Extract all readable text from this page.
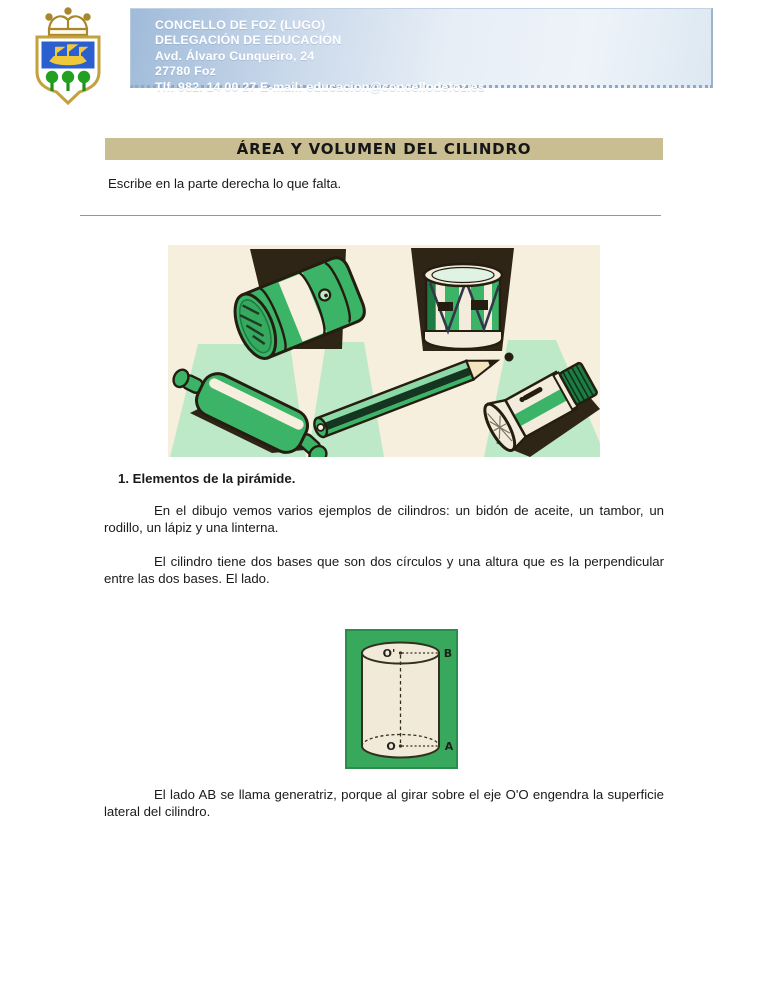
CONCELLO DE FOZ (LUGO)
DELEGACIÓN DE EDUCACIÓN
Avd. Álvaro Cunqueiro, 24
27780 Foz
Tlf. 982. 14 00 27 E-mail: educacion@concellodefoz.es
ÁREA Y VOLUMEN DEL CILINDRO
Escribe en la parte derecha lo que falta.
1. Elementos de la pirámide.
En el dibujo vemos varios ejemplos de cilindros: un bidón de aceite, un tambor, un rodillo, un lápiz y una linterna.
El cilindro tiene dos bases que son dos círculos y una altura que es la perpendicular entre las dos bases. El lado.
O'	B
O	A
El lado AB se llama generatriz, porque al girar sobre el eje O'O engendra la superficie lateral del cilindro.
